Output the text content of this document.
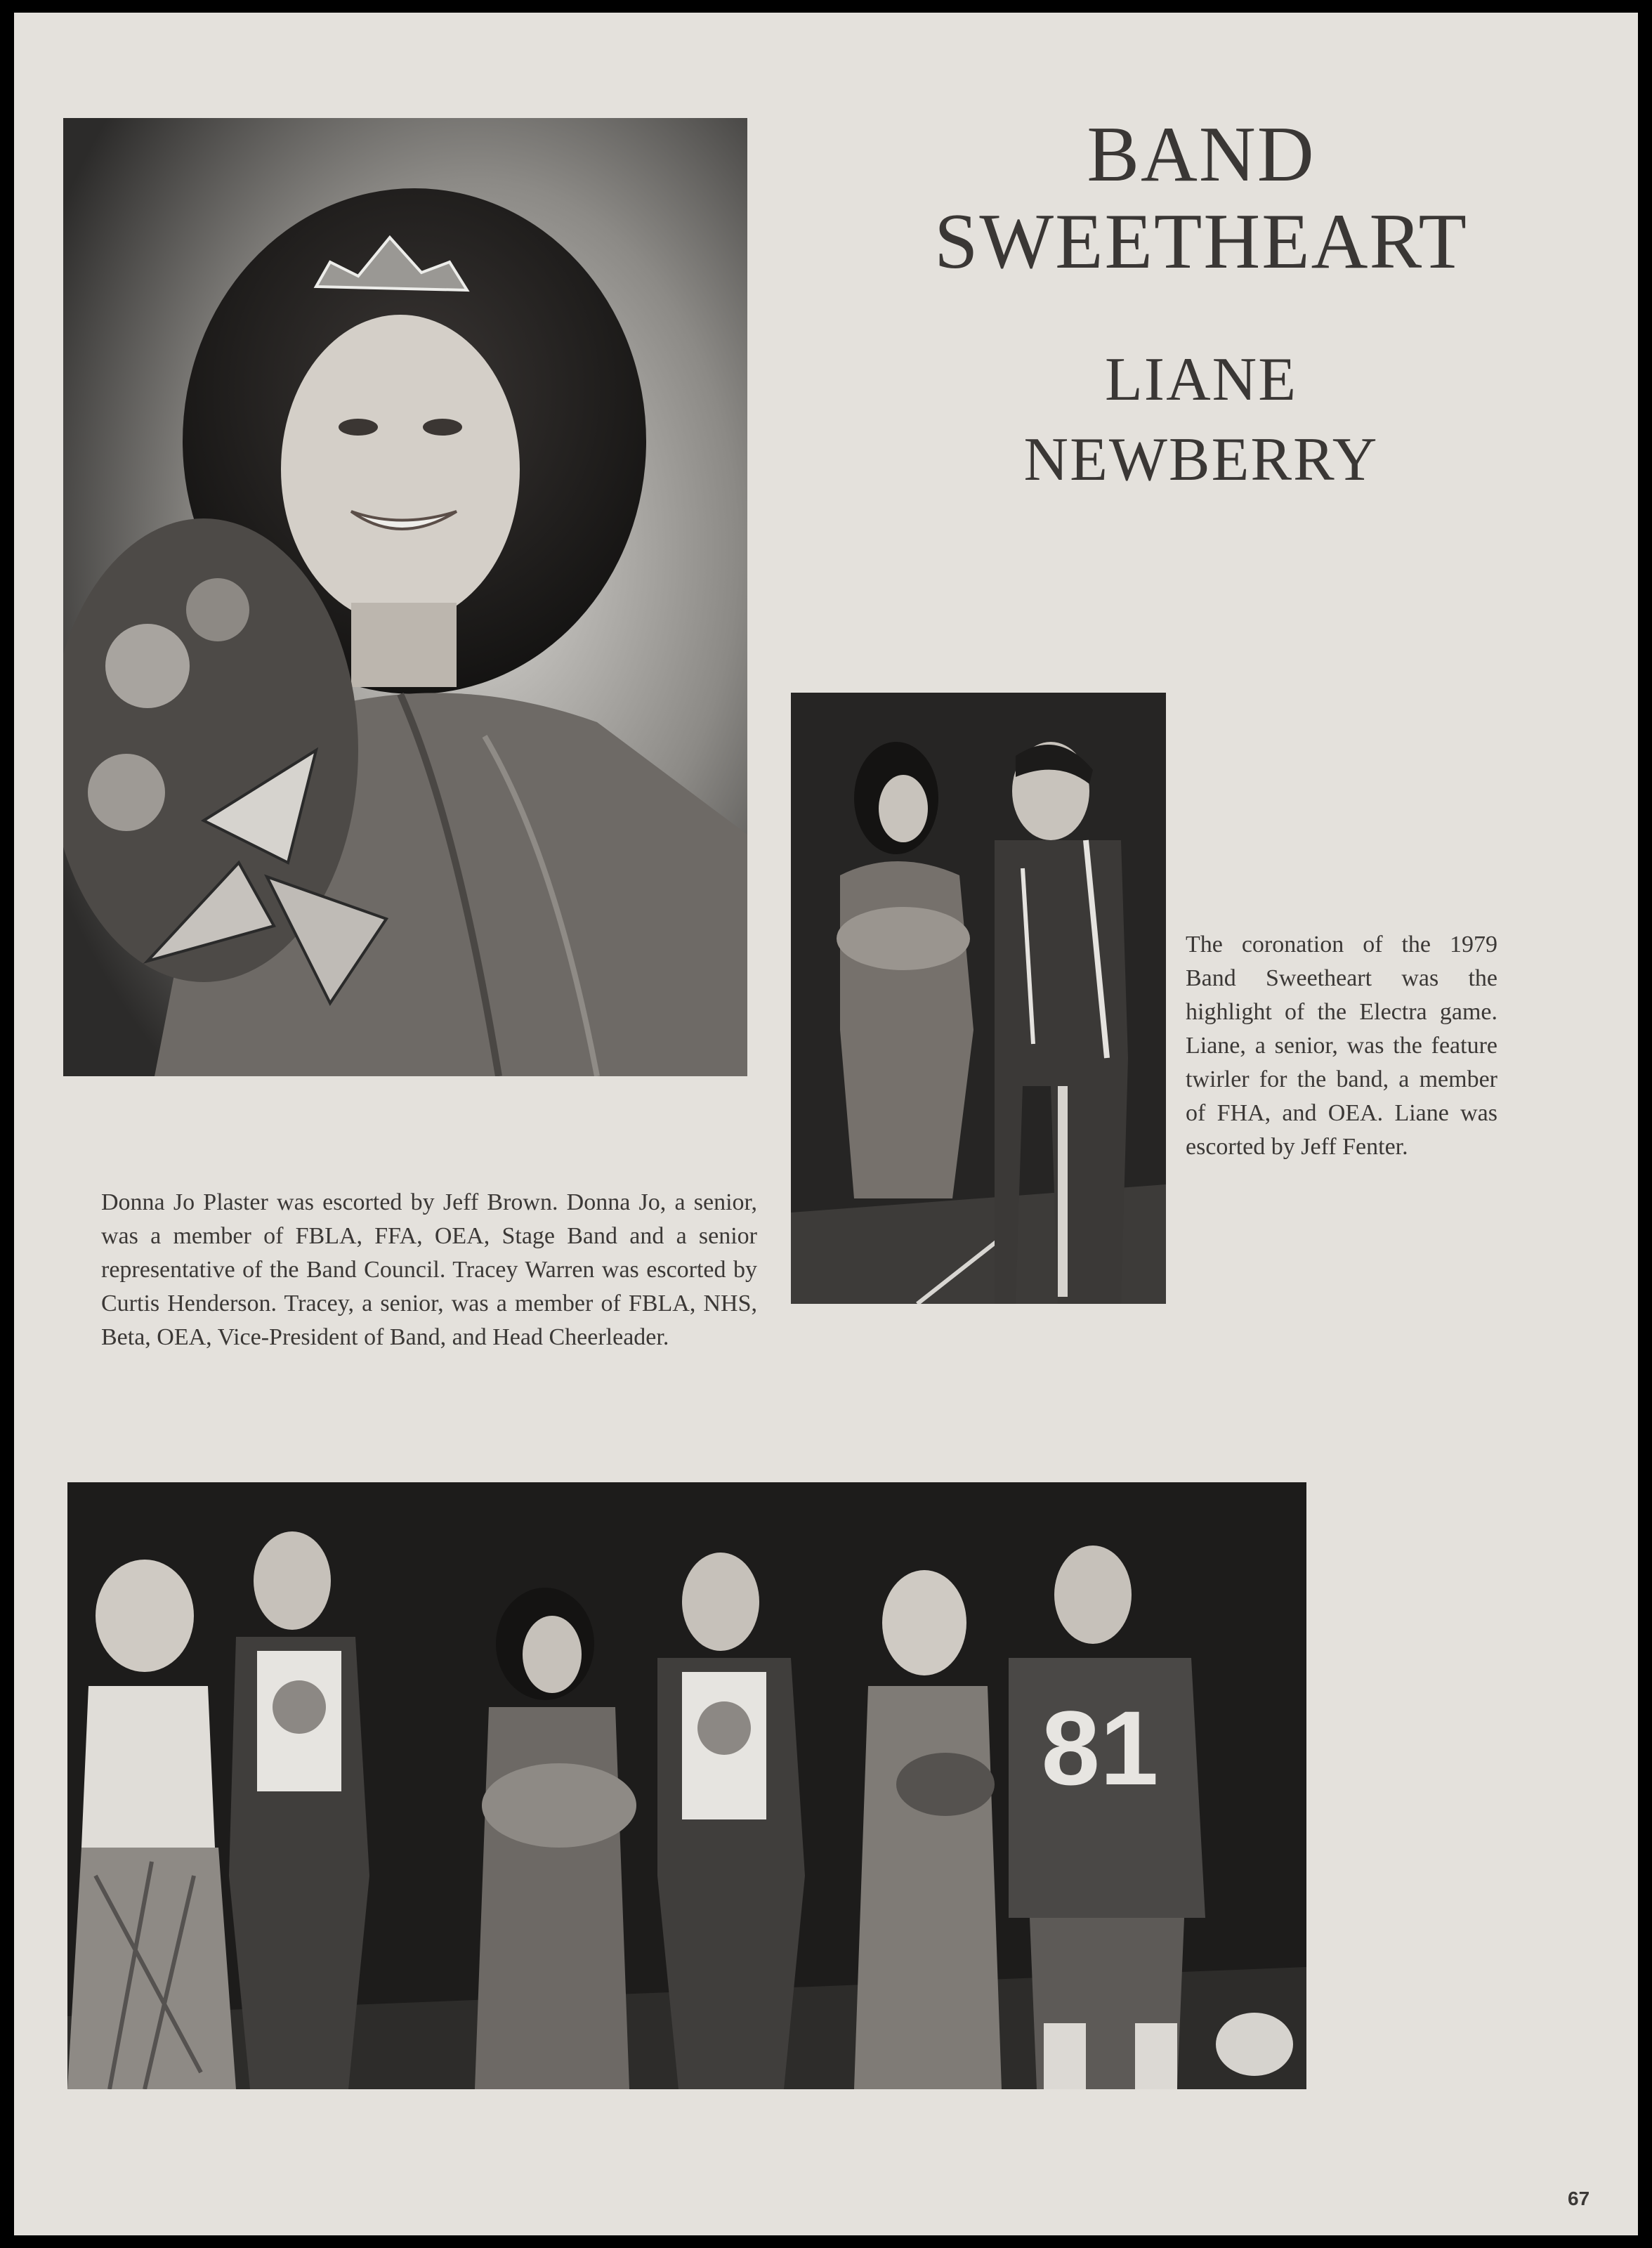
BAND
SWEETHEART
LIANE
NEWBERRY

The coronation of the 1979 Band Sweetheart was the highlight of the Electra game. Liane, a senior, was the feature twirler for the band, a member of FHA, and OEA. Liane was escorted by Jeff Fenter.

Donna Jo Plaster was escorted by Jeff Brown. Donna Jo, a senior, was a member of FBLA, FFA, OEA, Stage Band and a senior representative of the Band Council. Tracey Warren was escorted by Curtis Henderson. Tracey, a senior, was a member of FBLA, NHS, Beta, OEA, Vice-President of Band, and Head Cheerleader.

81
67
